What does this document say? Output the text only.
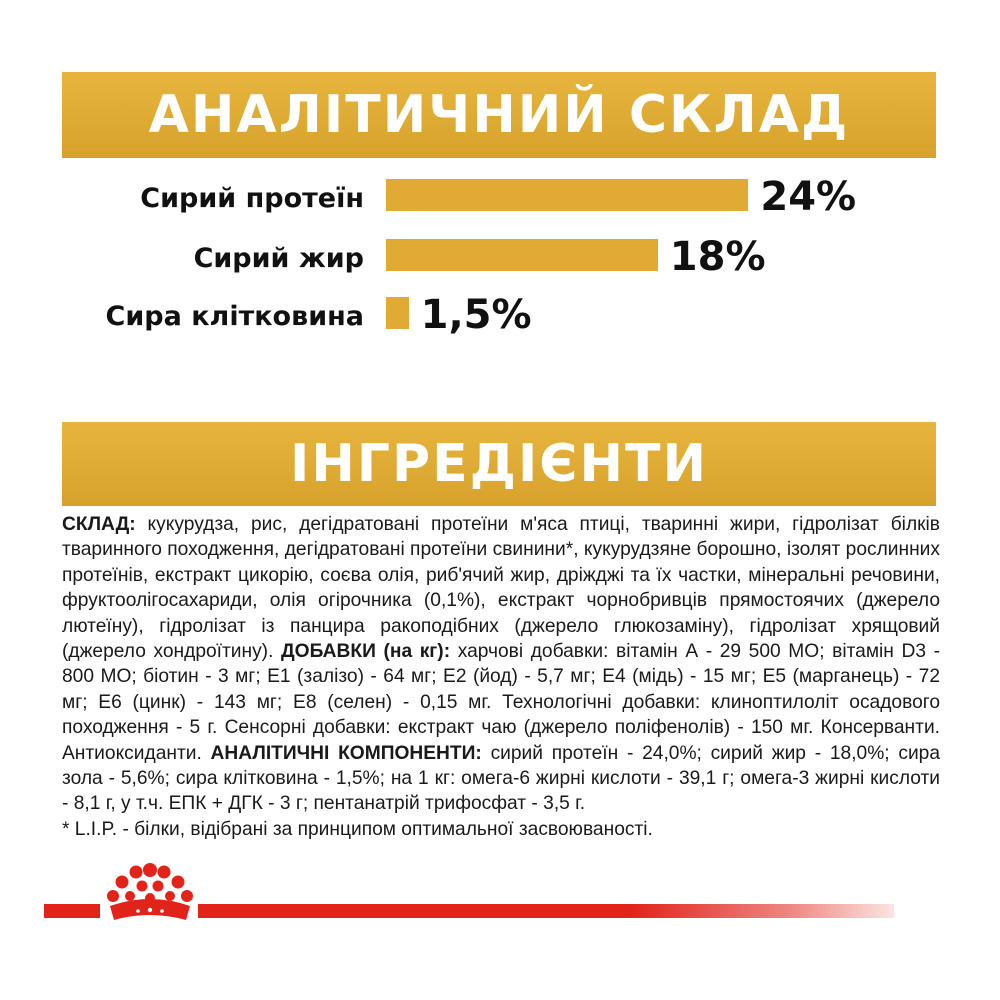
АНАЛІТИЧНИЙ СКЛАД
Сирий протеїн	24%
Сирий жир	18%
Сира клітковина 1,5%
ІНГРЕДІЄНТИ
СКЛАД: кукурудза, рис, дегідратовані протеїни м'яса птиці, тваринні жири, гідролізат білків тваринного походження, дегідратовані протеїни свинини*, кукурудзяне борошно, ізолят рослинних протеїнів, екстракт цикорію, соєва олія, риб'ячий жир, дріжджі та їх частки, мінеральні речовини, фруктоолігосахариди, олія огірочника (0,1%), екстракт чорнобривців прямостоячих (джерело лютеїну), гідролізат із панцира ракоподібних (джерело глюкозаміну), гідролізат хрящовий (джерело хондроїтину). ДОБАВКИ (на кг): харчові добавки: вітамін А - 29 500 МО; вітамін D3 - 800 МО; біотин - 3 мг; Е1 (залізо) - 64 мг; Е2 (йод) - 5,7 мг; Е4 (мідь) - 15 мг; Е5 (марганець) - 72 мг; Е6 (цинк) - 143 мг; Е8 (селен) - 0,15 мг. Технологічні добавки: клиноптилоліт осадового походження - 5 г. Сенсорні добавки: екстракт чаю (джерело поліфенолів) - 150 мг. Консерванти. Антиоксиданти. АНАЛІТИЧНІ КОМПОНЕНТИ: сирий протеїн - 24,0%; сирий жир - 18,0%; сира зола - 5,6%; сира клітковина - 1,5%; на 1 кг: омега-6 жирні кислоти - 39,1 г; омега-3 жирні кислоти - 8,1 г, у т.ч. ЕПК + ДГК - 3 г; пентанатрій трифосфат - 3,5 г.
* L.I.P. - білки, відібрані за принципом оптимальної засвоюваності.
